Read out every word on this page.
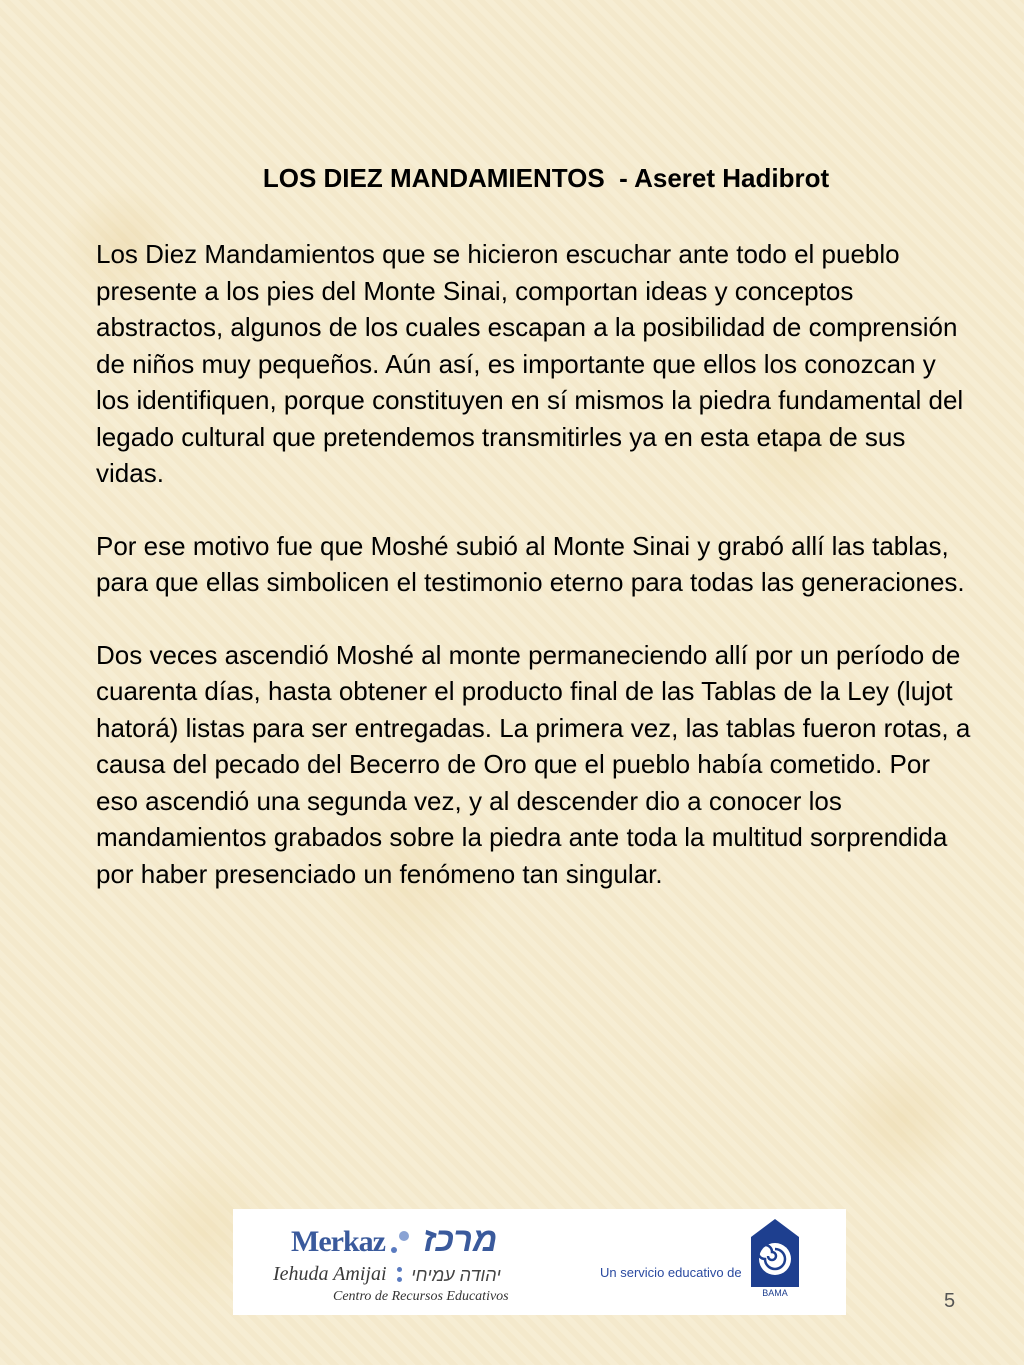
LOS DIEZ MANDAMIENTOS  - Aseret Hadibrot

Los Diez Mandamientos que se hicieron escuchar ante todo el pueblo presente a los pies del Monte Sinai, comportan ideas y conceptos abstractos, algunos de los cuales escapan a la posibilidad de comprensión de niños muy pequeños. Aún así, es importante que ellos los conozcan y los identifiquen, porque constituyen en sí mismos la piedra fundamental del legado cultural que pretendemos transmitirles ya en esta etapa de sus vidas.

Por ese motivo fue que Moshé subió al Monte Sinai y grabó allí las tablas, para que ellas simbolicen el testimonio eterno para todas las generaciones.

Dos veces ascendió Moshé al monte permaneciendo allí por un período de cuarenta días, hasta obtener el producto final de las Tablas de la Ley (lujot hatorá) listas para ser entregadas. La primera vez, las tablas fueron rotas, a causa del pecado del Becerro de Oro que el pueblo había cometido. Por eso ascendió una segunda vez, y al descender dio a conocer los mandamientos grabados sobre la piedra ante toda la multitud sorprendida por haber presenciado un fenómeno tan singular.

Merkaz
Iehuda Amijai
מרכז
יהודה עמיחי
Centro de Recursos Educativos
Un servicio educativo de
BAMA	5
